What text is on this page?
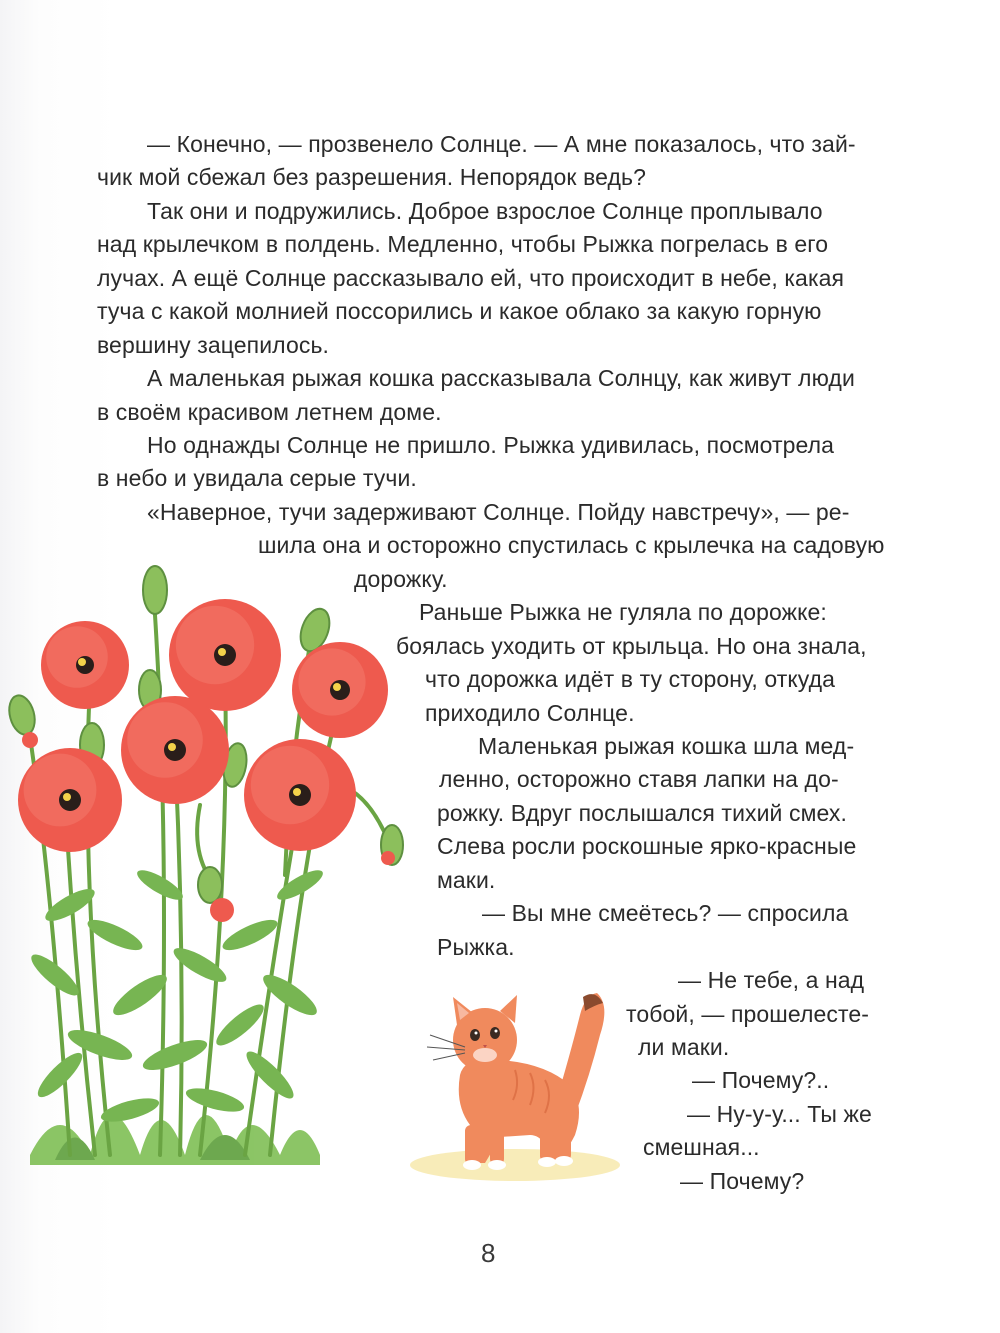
— Конечно, — прозвенело Солнце. — А мне показалось, что зай-
чик мой сбежал без разрешения. Непорядок ведь?
Так они и подружились. Доброе взрослое Солнце проплывало
над крылечком в полдень. Медленно, чтобы Рыжка погрелась в его
лучах. А ещё Солнце рассказывало ей, что происходит в небе, какая
туча с какой молнией поссорились и какое облако за какую горную
вершину зацепилось.
А маленькая рыжая кошка рассказывала Солнцу, как живут люди
в своём красивом летнем доме.
Но однажды Солнце не пришло. Рыжка удивилась, посмотрела
в небо и увидала серые тучи.
«Наверное, тучи задерживают Солнце. Пойду навстречу», — ре-
шила она и осторожно спустилась с крылечка на садовую
дорожку.
Раньше Рыжка не гуляла по дорожке:
боялась уходить от крыльца. Но она знала,
что дорожка идёт в ту сторону, откуда
приходило Солнце.
Маленькая рыжая кошка шла мед-
ленно, осторожно ставя лапки на до-
рожку. Вдруг послышался тихий смех.
Слева росли роскошные ярко-красные
маки.
— Вы мне смеётесь? — спросила
Рыжка.
— Не тебе, а над
тобой, — прошелесте-
ли маки.
— Почему?..
— Ну-у-у... Ты же
смешная...
— Почему?
8
